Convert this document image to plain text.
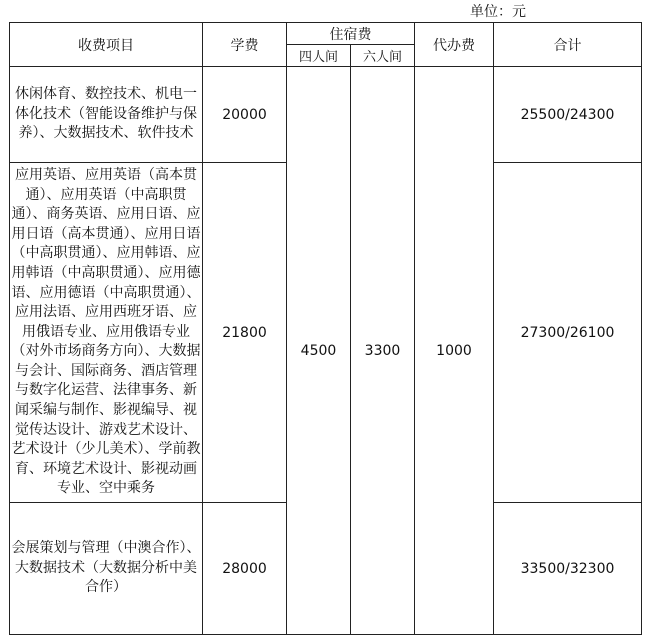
单位：元
收费项目	学费	住宿费		代办费	合计
		四人间	六人间		
休闲体育、数控技术、机电一体化技术（智能设备维护与保养）、大数据技术、软件技术	20000	4500	3300	1000	25500/24300
应用英语、应用英语（高本贯通）、应用英语（中高职贯通）、商务英语、应用日语、应用日语（高本贯通）、应用日语（中高职贯通）、应用韩语、应用韩语（中高职贯通）、应用德语、应用德语（中高职贯通）、应用法语、应用西班牙语、应用俄语专业、应用俄语专业（对外市场商务方向）、大数据与会计、国际商务、酒店管理与数字化运营、法律事务、新闻采编与制作、影视编导、视觉传达设计、游戏艺术设计、艺术设计（少儿美术）、学前教育、环境艺术设计、影视动画专业、空中乘务	21800				27300/26100
会展策划与管理（中澳合作）、大数据技术（大数据分析中美合作）	28000				33500/32300
